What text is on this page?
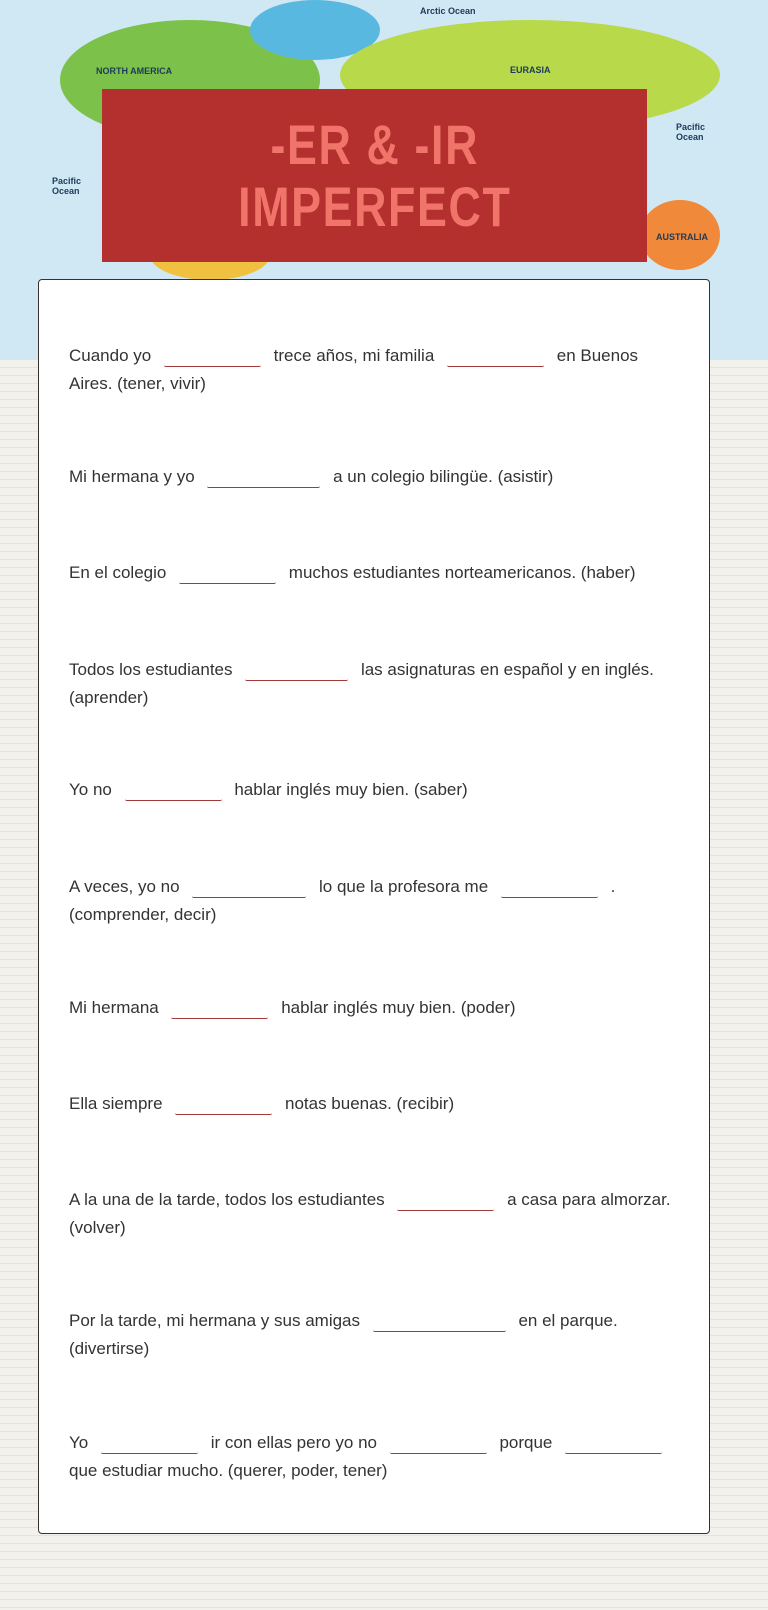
Arctic Ocean
NORTH AMERICA	EURASIA
Pacific Ocean
Pacific Ocean
AUSTRALIA
-ER & -IR
IMPERFECT
Cuando yo	trece años, mi familia	en Buenos Aires. (tener, vivir)
Mi hermana y yo	a un colegio bilingüe. (asistir)
En el colegio	muchos estudiantes norteamericanos. (haber)
Todos los estudiantes	las asignaturas en español y en inglés. (aprender)
Yo no	hablar inglés muy bien. (saber)
A veces, yo no	lo que la profesora me	. (comprender, decir)
Mi hermana	hablar inglés muy bien. (poder)
Ella siempre	notas buenas. (recibir)
A la una de la tarde, todos los estudiantes	a casa para almorzar. (volver)
Por la tarde, mi hermana y sus amigas	en el parque. (divertirse)
Yo	ir con ellas pero yo no	porque  que estudiar mucho. (querer, poder, tener)
